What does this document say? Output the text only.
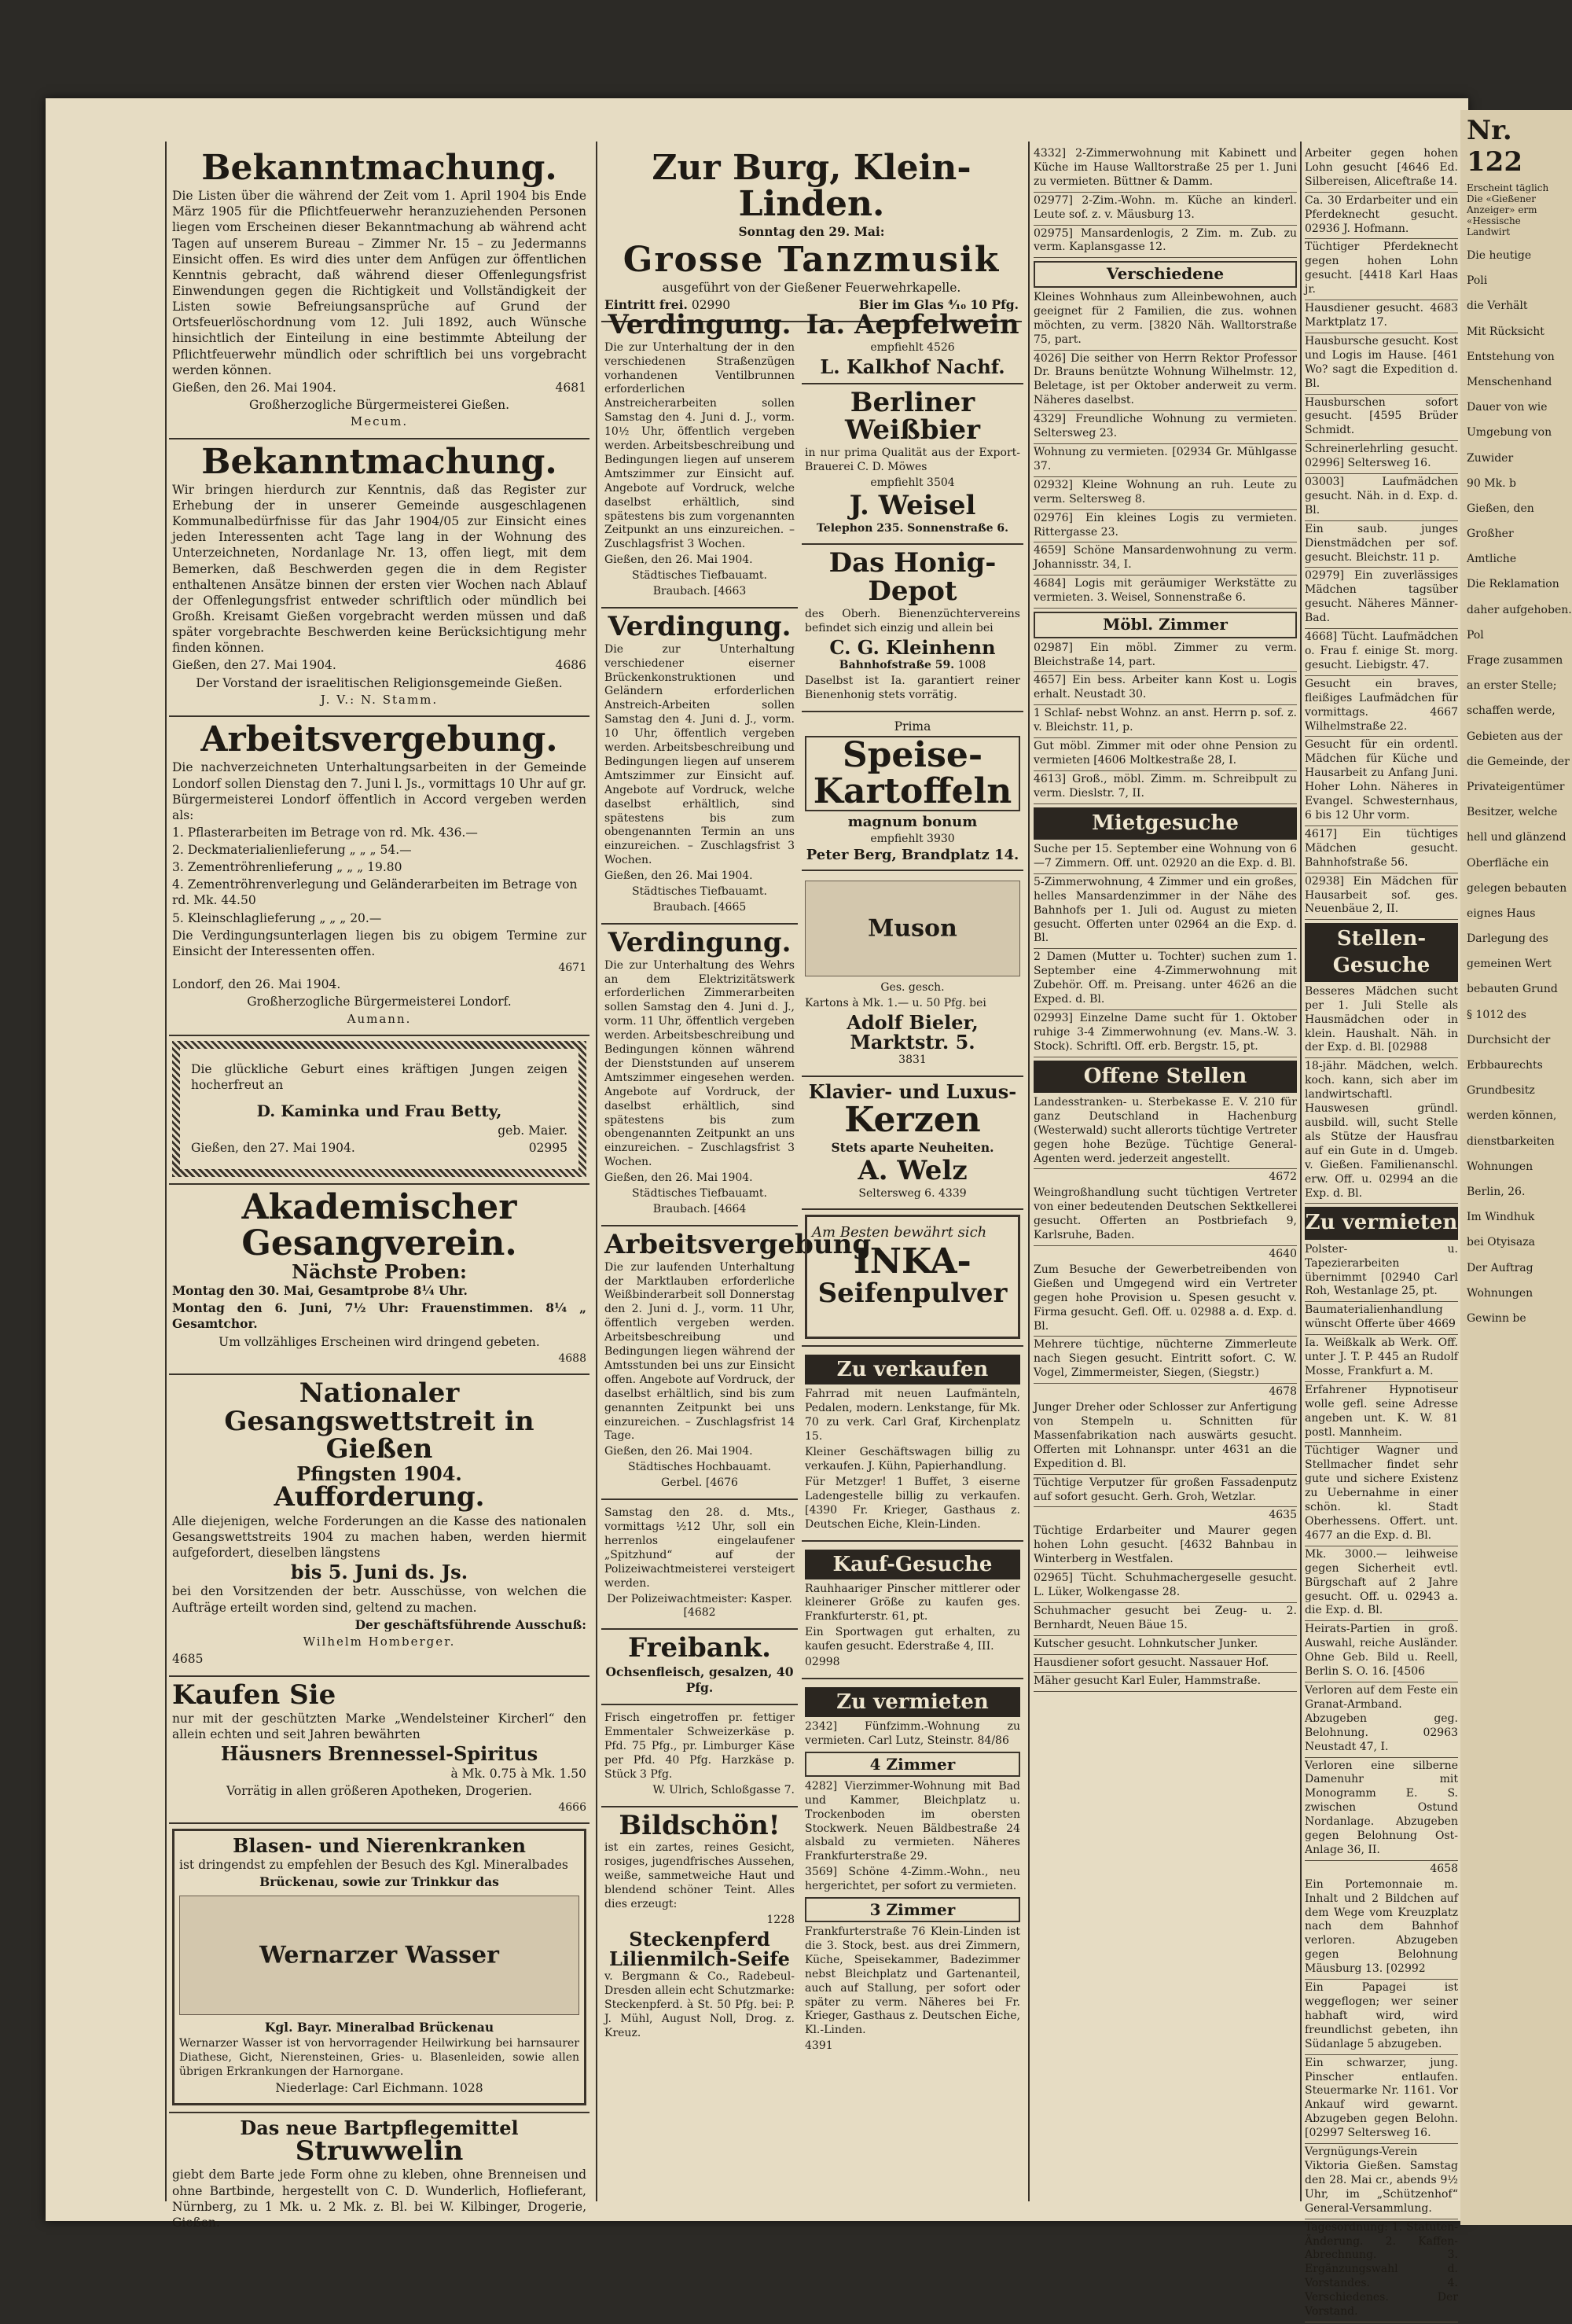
Nr. 122
Erscheint täglich
Die «Gießener
Anzeiger» erm
«Hessische Landwirt

Die heutige

Poli

die Verhält

Mit Rücksicht

Entstehung von

Menschenhand

Dauer von wie

Umgebung von

Zuwider

90 Mk. b

Gießen, den

Großher

Amtliche

Die Reklamation

daher aufgehoben.

Pol

Frage zusammen

an erster Stelle;

schaffen werde,

Gebieten aus der

die Gemeinde, der

Privateigentümer

Besitzer, welche

hell und glänzend

Oberfläche ein

gelegen bebauten

eignes Haus

Darlegung des

gemeinen Wert

bebauten Grund

§ 1012 des

Durchsicht der

Erbbaurechts

Grundbesitz

werden können,

dienstbarkeiten

Wohnungen

Berlin, 26.

Im Windhuk

bei Otyisaza

Der Auftrag

Wohnungen

Gewinn be

Bekanntmachung.

Die Listen über die während der Zeit vom 1. April 1904 bis Ende März 1905 für die Pflichtfeuerwehr heranzuziehenden Personen liegen vom Erscheinen dieser Bekanntmachung ab während acht Tagen auf unserem Bureau – Zimmer Nr. 15 – zu Jedermanns Einsicht offen. Es wird dies unter dem Anfügen zur öffentlichen Kenntnis gebracht, daß während dieser Offenlegungsfrist Einwendungen gegen die Richtigkeit und Vollständigkeit der Listen sowie Befreiungsansprüche auf Grund der Ortsfeuerlöschordnung vom 12. Juli 1892, auch Wünsche hinsichtlich der Einteilung in eine bestimmte Abteilung der Pflichtfeuerwehr mündlich oder schriftlich bei uns vorgebracht werden können.

Gießen, den 26. Mai 1904.	4681

Großherzogliche Bürgermeisterei Gießen.

Mecum.

Bekanntmachung.

Wir bringen hierdurch zur Kenntnis, daß das Register zur Erhebung der in unserer Gemeinde ausgeschlagenen Kommunalbedürfnisse für das Jahr 1904/05 zur Einsicht eines jeden Interessenten acht Tage lang in der Wohnung des Unterzeichneten, Nordanlage Nr. 13, offen liegt, mit dem Bemerken, daß Beschwerden gegen die in dem Register enthaltenen Ansätze binnen der ersten vier Wochen nach Ablauf der Offenlegungsfrist entweder schriftlich oder mündlich bei Großh. Kreisamt Gießen vorgebracht werden müssen und daß später vorgebrachte Beschwerden keine Berücksichtigung mehr finden können.

Gießen, den 27. Mai 1904.	4686

Der Vorstand der israelitischen Religionsgemeinde Gießen.

J. V.: N. Stamm.

Arbeitsvergebung.

Die nachverzeichneten Unterhaltungsarbeiten in der Gemeinde Londorf sollen Dienstag den 7. Juni l. Js., vormittags 10 Uhr auf gr. Bürgermeisterei Londorf öffentlich in Accord vergeben werden als:

1. Pflasterarbeiten im Betrage von rd. Mk. 436.—

2. Deckmaterialienlieferung „ „ „ 54.—

3. Zementröhrenlieferung „ „ „ 19.80

4. Zementröhrenverlegung und Geländerarbeiten im Betrage von rd. Mk. 44.50

5. Kleinschlaglieferung „ „ „ 20.—

Die Verdingungsunterlagen liegen bis zu obigem Termine zur Einsicht der Interessenten offen.

4671

Londorf, den 26. Mai 1904.

Großherzogliche Bürgermeisterei Londorf.

Aumann.

Die glückliche Geburt eines kräftigen Jungen zeigen hocherfreut an

D. Kaminka und Frau Betty,

geb. Maier.

Gießen, den 27. Mai 1904.	02995

Akademischer Gesangverein.
Nächste Proben:

Montag den 30. Mai, Gesamtprobe 8¼ Uhr.

Montag den 6. Juni, 7½ Uhr: Frauenstimmen. 8¼ „ Gesamtchor.

Um vollzähliges Erscheinen wird dringend gebeten.

4688

Nationaler Gesangswettstreit in Gießen
Pfingsten 1904.
Aufforderung.

Alle diejenigen, welche Forderungen an die Kasse des nationalen Gesangswettstreits 1904 zu machen haben, werden hiermit aufgefordert, dieselben längstens

bis 5. Juni ds. Js.

bei den Vorsitzenden der betr. Ausschüsse, von welchen die Aufträge erteilt worden sind, geltend zu machen.

Der geschäftsführende Ausschuß:

Wilhelm Homberger.

4685

Kaufen Sie

nur mit der geschützten Marke „Wendelsteiner Kircherl“ den allein echten und seit Jahren bewährten

Häusners Brennessel-Spiritus

à Mk. 0.75 à Mk. 1.50

Vorrätig in allen größeren Apotheken, Drogerien.

4666

Blasen- und Nierenkranken

ist dringendst zu empfehlen der Besuch des Kgl. Mineralbades

Brückenau, sowie zur Trinkkur das

Wernarzer Wasser

Kgl. Bayr. Mineralbad Brückenau

Wernarzer Wasser ist von hervorragender Heilwirkung bei harnsaurer Diathese, Gicht, Nierensteinen, Gries- u. Blasenleiden, sowie allen übrigen Erkrankungen der Harnorgane.

Niederlage: Carl Eichmann. 1028

Das neue Bartpflegemittel Struwwelin

giebt dem Barte jede Form ohne zu kleben, ohne Brenneisen und ohne Bartbinde, hergestellt von C. D. Wunderlich, Hoflieferant, Nürnberg, zu 1 Mk. u. 2 Mk. z. Bl. bei W. Kilbinger, Drogerie, Gießen.

Zur Burg, Klein-Linden.

Sonntag den 29. Mai:

Grosse Tanzmusik

ausgeführt von der Gießener Feuerwehrkapelle.

Eintritt frei. 02990	Bier im Glas ⁴⁄₁₀ 10 Pfg.

Verdingung.

Die zur Unterhaltung der in den verschiedenen Straßenzügen vorhandenen Ventilbrunnen erforderlichen Anstreicherarbeiten sollen Samstag den 4. Juni d. J., vorm. 10½ Uhr, öffentlich vergeben werden. Arbeitsbeschreibung und Bedingungen liegen auf unserem Amtszimmer zur Einsicht auf. Angebote auf Vordruck, welche daselbst erhältlich, sind spätestens bis zum vorgenannten Zeitpunkt an uns einzureichen. – Zuschlagsfrist 3 Wochen.

Gießen, den 26. Mai 1904.

Städtisches Tiefbauamt.

Braubach. [4663

Verdingung.

Die zur Unterhaltung verschiedener eiserner Brückenkonstruktionen und Geländern erforderlichen Anstreich-Arbeiten sollen Samstag den 4. Juni d. J., vorm. 10 Uhr, öffentlich vergeben werden. Arbeitsbeschreibung und Bedingungen liegen auf unserem Amtszimmer zur Einsicht auf. Angebote auf Vordruck, welche daselbst erhältlich, sind spätestens bis zum obengenannten Termin an uns einzureichen. – Zuschlagsfrist 3 Wochen.

Gießen, den 26. Mai 1904.

Städtisches Tiefbauamt.

Braubach. [4665

Verdingung.

Die zur Unterhaltung des Wehrs an dem Elektrizitätswerk erforderlichen Zimmerarbeiten sollen Samstag den 4. Juni d. J., vorm. 11 Uhr, öffentlich vergeben werden. Arbeitsbeschreibung und Bedingungen können während der Dienststunden auf unserem Amtszimmer eingesehen werden. Angebote auf Vordruck, der daselbst erhältlich, sind spätestens bis zum obengenannten Zeitpunkt an uns einzureichen. – Zuschlagsfrist 3 Wochen.

Gießen, den 26. Mai 1904.

Städtisches Tiefbauamt.

Braubach. [4664

Arbeitsvergebung

Die zur laufenden Unterhaltung der Marktlauben erforderliche Weißbinderarbeit soll Donnerstag den 2. Juni d. J., vorm. 11 Uhr, öffentlich vergeben werden. Arbeitsbeschreibung und Bedingungen liegen während der Amtsstunden bei uns zur Einsicht offen. Angebote auf Vordruck, der daselbst erhältlich, sind bis zum genannten Zeitpunkt bei uns einzureichen. – Zuschlagsfrist 14 Tage.

Gießen, den 26. Mai 1904.

Städtisches Hochbauamt.

Gerbel. [4676

Samstag den 28. d. Mts., vormittags ½12 Uhr, soll ein herrenlos eingelaufener „Spitzhund“ auf der Polizeiwachtmeisterei versteigert werden.

Der Polizeiwachtmeister: Kasper. [4682

Freibank.

Ochsenfleisch, gesalzen, 40 Pfg.

Frisch eingetroffen pr. fettiger Emmentaler Schweizerkäse p. Pfd. 75 Pfg., pr. Limburger Käse per Pfd. 40 Pfg. Harzkäse p. Stück 3 Pfg.

W. Ulrich, Schloßgasse 7.

Bildschön!

ist ein zartes, reines Gesicht, rosiges, jugendfrisches Aussehen, weiße, sammetweiche Haut und blendend schöner Teint. Alles dies erzeugt:

1228

Steckenpferd Lilienmilch-Seife

v. Bergmann & Co., Radebeul-Dresden allein echt Schutzmarke: Steckenpferd. à St. 50 Pfg. bei: P. J. Mühl, August Noll, Drog. z. Kreuz.

Ia. Aepfelwein

empfiehlt 4526

L. Kalkhof Nachf.
Berliner Weißbier

in nur prima Qualität aus der Export-Brauerei C. D. Möwes

empfiehlt 3504

J. Weisel

Telephon 235. Sonnenstraße 6.

Das Honig-Depot

des Oberh. Bienenzüchtervereins befindet sich einzig und allein bei

C. G. Kleinhenn

Bahnhofstraße 59. 1008

Daselbst ist Ia. garantiert reiner Bienenhonig stets vorrätig.

Prima

Speise-Kartoffeln

magnum bonum

empfiehlt 3930

Peter Berg, Brandplatz 14.
Muson

Ges. gesch.

Kartons à Mk. 1.— u. 50 Pfg. bei

Adolf Bieler, Marktstr. 5.

3831

Klavier- und Luxus-
Kerzen

Stets aparte Neuheiten.

A. Welz

Seltersweg 6. 4339

Am Besten bewährt sich

INKA-
Seifenpulver
Zu verkaufen

Fahrrad mit neuen Laufmänteln, Pedalen, modern. Lenkstange, für Mk. 70 zu verk. Carl Graf, Kirchenplatz 15.

Kleiner Geschäftswagen billig zu verkaufen. J. Kühn, Papierhandlung.

Für Metzger! 1 Buffet, 3 eiserne Ladengestelle billig zu verkaufen. [4390 Fr. Krieger, Gasthaus z. Deutschen Eiche, Klein-Linden.

Kauf-Gesuche

Rauhhaariger Pinscher mittlerer oder kleinerer Größe zu kaufen ges. Frankfurterstr. 61, pt.

Ein Sportwagen gut erhalten, zu kaufen gesucht. Ederstraße 4, III.

02998

Zu vermieten

2342] Fünfzimm.-Wohnung zu vermieten. Carl Lutz, Steinstr. 84/86

4 Zimmer

4282] Vierzimmer-Wohnung mit Bad und Kammer, Bleichplatz u. Trockenboden im obersten Stockwerk. Neuen Bäldbestraße 24 alsbald zu vermieten. Näheres Frankfurterstraße 29.

3569] Schöne 4-Zimm.-Wohn., neu hergerichtet, per sofort zu vermieten.

3 Zimmer

Frankfurterstraße 76 Klein-Linden ist die 3. Stock, best. aus drei Zimmern, Küche, Speisekammer, Badezimmer nebst Bleichplatz und Gartenanteil, auch auf Stallung, per sofort oder später zu verm. Näheres bei Fr. Krieger, Gasthaus z. Deutschen Eiche, Kl.-Linden.

4391

4332] 2-Zimmerwohnung mit Kabinett und Küche im Hause Walltorstraße 25 per 1. Juni zu vermieten. Büttner & Damm.

02977] 2-Zim.-Wohn. m. Küche an kinderl. Leute sof. z. v. Mäusburg 13.

02975] Mansardenlogis, 2 Zim. m. Zub. zu verm. Kaplansgasse 12.

Verschiedene

Kleines Wohnhaus zum Alleinbewohnen, auch geeignet für 2 Familien, die zus. wohnen möchten, zu verm. [3820 Näh. Walltorstraße 75, part.

4026] Die seither von Herrn Rektor Professor Dr. Brauns benützte Wohnung Wilhelmstr. 12, Beletage, ist per Oktober anderweit zu verm. Näheres daselbst.

4329] Freundliche Wohnung zu vermieten. Seltersweg 23.

Wohnung zu vermieten. [02934 Gr. Mühlgasse 37.

02932] Kleine Wohnung an ruh. Leute zu verm. Seltersweg 8.

02976] Ein kleines Logis zu vermieten. Rittergasse 23.

4659] Schöne Mansardenwohnung zu verm. Johannisstr. 34, I.

4684] Logis mit geräumiger Werkstätte zu vermieten. 3. Weisel, Sonnenstraße 6.

Möbl. Zimmer

02987] Ein möbl. Zimmer zu verm. Bleichstraße 14, part.

4657] Ein bess. Arbeiter kann Kost u. Logis erhalt. Neustadt 30.

1 Schlaf- nebst Wohnz. an anst. Herrn p. sof. z. v. Bleichstr. 11, p.

Gut möbl. Zimmer mit oder ohne Pension zu vermieten [4606 Moltkestraße 28, I.

4613] Groß., möbl. Zimm. m. Schreibpult zu verm. Dieslstr. 7, II.

Mietgesuche

Suche per 15. September eine Wohnung von 6—7 Zimmern. Off. unt. 02920 an die Exp. d. Bl.

5-Zimmerwohnung, 4 Zimmer und ein großes, helles Mansardenzimmer in der Nähe des Bahnhofs per 1. Juli od. August zu mieten gesucht. Offerten unter 02964 an die Exp. d. Bl.

2 Damen (Mutter u. Tochter) suchen zum 1. September eine 4-Zimmerwohnung mit Zubehör. Off. m. Preisang. unter 4626 an die Exped. d. Bl.

02993] Einzelne Dame sucht für 1. Oktober ruhige 3-4 Zimmerwohnung (ev. Mans.-W. 3. Stock). Schriftl. Off. erb. Bergstr. 15, pt.

Offene Stellen

Landesstranken- u. Sterbekasse E. V. 210 für ganz Deutschland in Hachenburg (Westerwald) sucht allerorts tüchtige Vertreter gegen hohe Bezüge. Tüchtige General-Agenten werd. jederzeit angestellt.

4672

Weingroßhandlung sucht tüchtigen Vertreter von einer bedeutenden Deutschen Sektkellerei gesucht. Offerten an Postbriefach 9, Karlsruhe, Baden.

4640

Zum Besuche der Gewerbetreibenden von Gießen und Umgegend wird ein Vertreter gegen hohe Provision u. Spesen gesucht v. Firma gesucht. Gefl. Off. u. 02988 a. d. Exp. d. Bl.

Mehrere tüchtige, nüchterne Zimmerleute nach Siegen gesucht. Eintritt sofort. C. W. Vogel, Zimmermeister, Siegen, (Siegstr.)

4678

Junger Dreher oder Schlosser zur Anfertigung von Stempeln u. Schnitten für Massenfabrikation nach auswärts gesucht. Offerten mit Lohnanspr. unter 4631 an die Expedition d. Bl.

Tüchtige Verputzer für großen Fassadenputz auf sofort gesucht. Gerh. Groh, Wetzlar.

4635

Tüchtige Erdarbeiter und Maurer gegen hohen Lohn gesucht. [4632 Bahnbau in Winterberg in Westfalen.

02965] Tücht. Schuhmachergeselle gesucht. L. Lüker, Wolkengasse 28.

Schuhmacher gesucht bei Zeug- u. 2. Bernhardt, Neuen Bäue 15.

Kutscher gesucht. Lohnkutscher Junker.

Hausdiener sofort gesucht. Nassauer Hof.

Mäher gesucht Karl Euler, Hammstraße.

Arbeiter gegen hohen Lohn gesucht [4646 Ed. Silbereisen, Aliceftraße 14.

Ca. 30 Erdarbeiter und ein Pferdeknecht gesucht. 02936 J. Hofmann.

Tüchtiger Pferdeknecht gegen hohen Lohn gesucht. [4418 Karl Haas jr.

Hausdiener gesucht. 4683 Marktplatz 17.

Hausbursche gesucht. Kost und Logis im Hause. [461 Wo? sagt die Expedition d. Bl.

Hausburschen sofort gesucht. [4595 Brüder Schmidt.

Schreinerlehrling gesucht. 02996] Seltersweg 16.

03003] Laufmädchen gesucht. Näh. in d. Exp. d. Bl.

Ein saub. junges Dienstmädchen per sof. gesucht. Bleichstr. 11 p.

02979] Ein zuverlässiges Mädchen tagsüber gesucht. Näheres Männer-Bad.

4668] Tücht. Laufmädchen o. Frau f. einige St. morg. gesucht. Liebigstr. 47.

Gesucht ein braves, fleißiges Laufmädchen für vormittags. 4667 Wilhelmstraße 22.

Gesucht für ein ordentl. Mädchen für Küche und Hausarbeit zu Anfang Juni. Hoher Lohn. Näheres in Evangel. Schwesternhaus, 6 bis 12 Uhr vorm.

4617] Ein tüchtiges Mädchen gesucht. Bahnhofstraße 56.

02938] Ein Mädchen für Hausarbeit sof. ges. Neuenbäue 2, II.

Stellen-Gesuche

Besseres Mädchen sucht per 1. Juli Stelle als Hausmädchen oder in klein. Haushalt. Näh. in der Exp. d. Bl. [02988

18-jähr. Mädchen, welch. koch. kann, sich aber im landwirtschaftl. Hauswesen gründl. ausbild. will, sucht Stelle als Stütze der Hausfrau auf ein Gute in d. Umgeb. v. Gießen. Familienanschl. erw. Off. u. 02994 an die Exp. d. Bl.

Zu vermieten

Polster- u. Tapezierarbeiten übernimmt [02940 Carl Roh, Westanlage 25, pt.

Baumaterialienhandlung wünscht Offerte über 4669

Ia. Weißkalk ab Werk. Off. unter J. T. P. 445 an Rudolf Mosse, Frankfurt a. M.

Erfahrener Hypnotiseur wolle gefl. seine Adresse angeben unt. K. W. 81 postl. Mannheim.

Tüchtiger Wagner und Stellmacher findet sehr gute und sichere Existenz zu Uebernahme in einer schön. kl. Stadt Oberhessens. Offert. unt. 4677 an die Exp. d. Bl.

Mk. 3000.— leihweise gegen Sicherheit evtl. Bürgschaft auf 2 Jahre gesucht. Off. u. 02943 a. die Exp. d. Bl.

Heirats-Partien in groß. Auswahl, reiche Ausländer. Ohne Geb. Bild u. Reell, Berlin S. O. 16. [4506

Verloren auf dem Feste ein Granat-Armband. Abzugeben geg. Belohnung. 02963 Neustadt 47, I.

Verloren eine silberne Damenuhr mit Monogramm E. S. zwischen Ostund Nordanlage. Abzugeben gegen Belohnung Ost-Anlage 36, II.

4658

Ein Portemonnaie m. Inhalt und 2 Bildchen auf dem Wege vom Kreuzplatz nach dem Bahnhof verloren. Abzugeben gegen Belohnung Mäusburg 13. [02992

Ein Papagei ist weggeflogen; wer seiner habhaft wird, wird freundlichst gebeten, ihn Südanlage 5 abzugeben.

Ein schwarzer, jung. Pinscher entlaufen. Steuermarke Nr. 1161. Vor Ankauf wird gewarnt. Abzugeben gegen Belohn. [02997 Seltersweg 16.

Vergnügungs-Verein Viktoria Gießen. Samstag den 28. Mai cr., abends 9½ Uhr, im „Schützenhof“ General-Versammlung.

Tagesordnung: 1. Statuten-Änderung. 2. Kaffen-Abrechnung. 3. Ergänzungswahl d. Vorstandes. 4. Verschiedenes. Der Vorstand.
